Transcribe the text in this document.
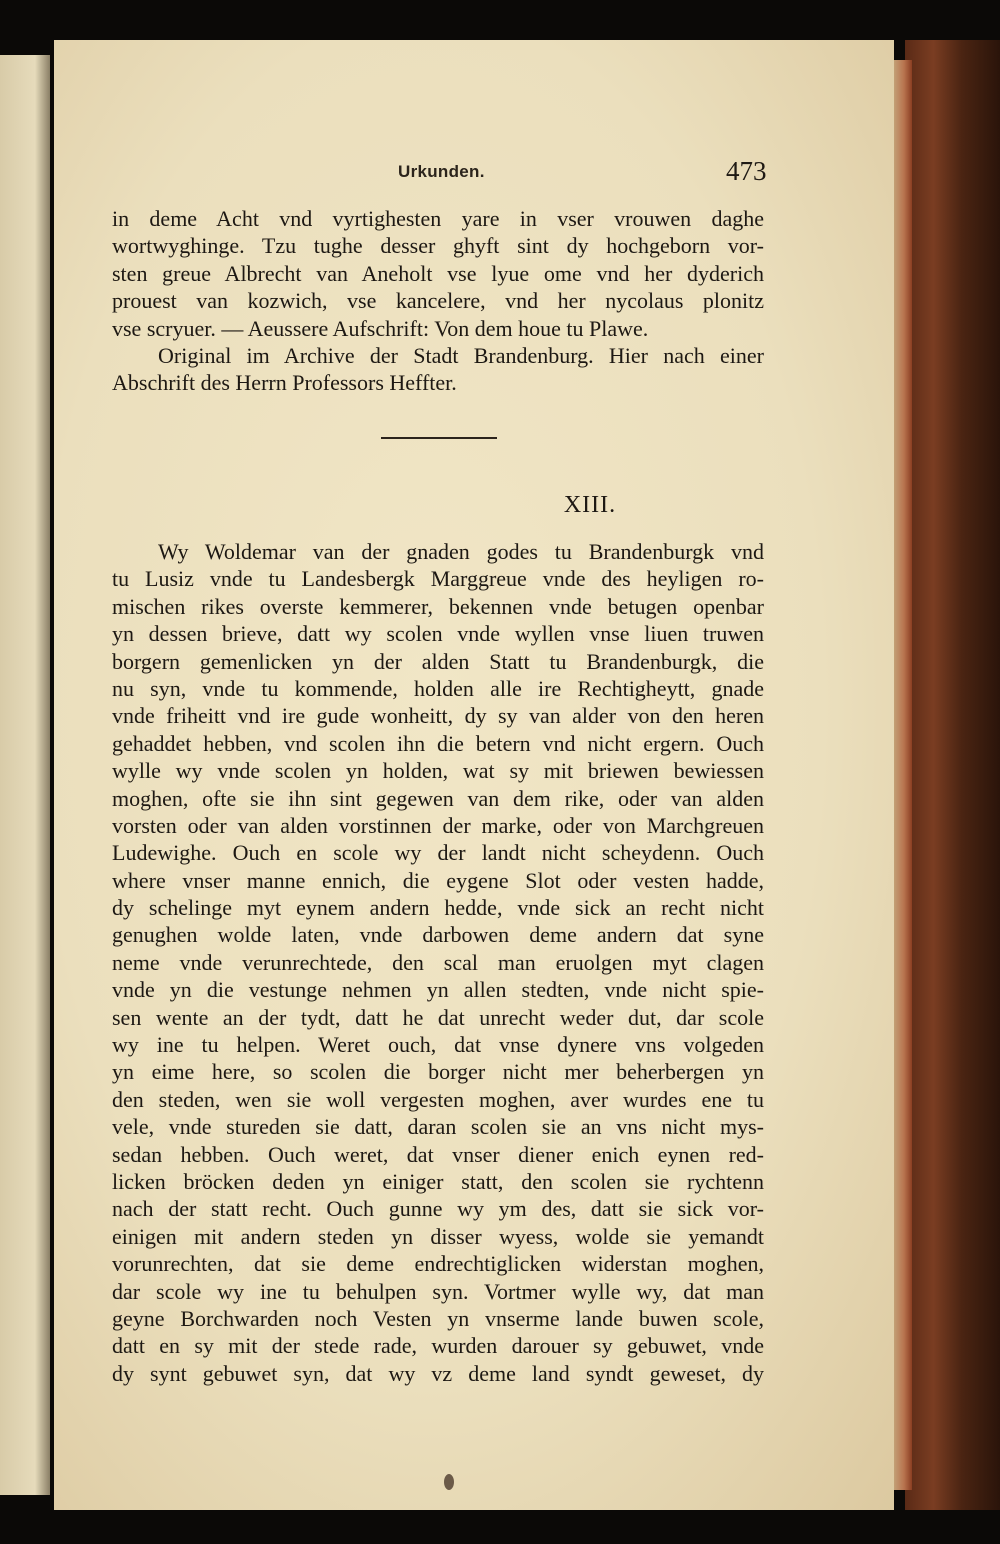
Urkunden.	473
in deme Acht vnd vyrtighesten yare in vser vrouwen daghe
wortwyghinge. Tzu tughe desser ghyft sint dy hochgeborn vor-
sten greue Albrecht van Aneholt vse lyue ome vnd her dyderich
prouest van kozwich, vse kancelere, vnd her nycolaus plonitz
vse scryuer. — Aeussere Aufschrift: Von dem houe tu Plawe.
Original im Archive der Stadt Brandenburg. Hier nach einer
Abschrift des Herrn Professors Heffter.
XIII.
Wy Woldemar van der gnaden godes tu Brandenburgk vnd
tu Lusiz vnde tu Landesbergk Marggreue vnde des heyligen ro-
mischen rikes overste kemmerer, bekennen vnde betugen openbar
yn dessen brieve, datt wy scolen vnde wyllen vnse liuen truwen
borgern gemenlicken yn der alden Statt tu Brandenburgk, die
nu syn, vnde tu kommende, holden alle ire Rechtigheytt, gnade
vnde friheitt vnd ire gude wonheitt, dy sy van alder von den heren
gehaddet hebben, vnd scolen ihn die betern vnd nicht ergern. Ouch
wylle wy vnde scolen yn holden, wat sy mit briewen bewiessen
moghen, ofte sie ihn sint gegewen van dem rike, oder van alden
vorsten oder van alden vorstinnen der marke, oder von Marchgreuen
Ludewighe. Ouch en scole wy der landt nicht scheydenn. Ouch
where vnser manne ennich, die eygene Slot oder vesten hadde,
dy schelinge myt eynem andern hedde, vnde sick an recht nicht
genughen wolde laten, vnde darbowen deme andern dat syne
neme vnde verunrechtede, den scal man eruolgen myt clagen
vnde yn die vestunge nehmen yn allen stedten, vnde nicht spie-
sen wente an der tydt, datt he dat unrecht weder dut, dar scole
wy ine tu helpen. Weret ouch, dat vnse dynere vns volgeden
yn eime here, so scolen die borger nicht mer beherbergen yn
den steden, wen sie woll vergesten moghen, aver wurdes ene tu
vele, vnde stureden sie datt, daran scolen sie an vns nicht mys-
sedan hebben. Ouch weret, dat vnser diener enich eynen red-
licken bröcken deden yn einiger statt, den scolen sie rychtenn
nach der statt recht. Ouch gunne wy ym des, datt sie sick vor-
einigen mit andern steden yn disser wyess, wolde sie yemandt
vorunrechten, dat sie deme endrechtiglicken widerstan moghen,
dar scole wy ine tu behulpen syn. Vortmer wylle wy, dat man
geyne Borchwarden noch Vesten yn vnserme lande buwen scole,
datt en sy mit der stede rade, wurden darouer sy gebuwet, vnde
dy synt gebuwet syn, dat wy vz deme land syndt geweset, dy
